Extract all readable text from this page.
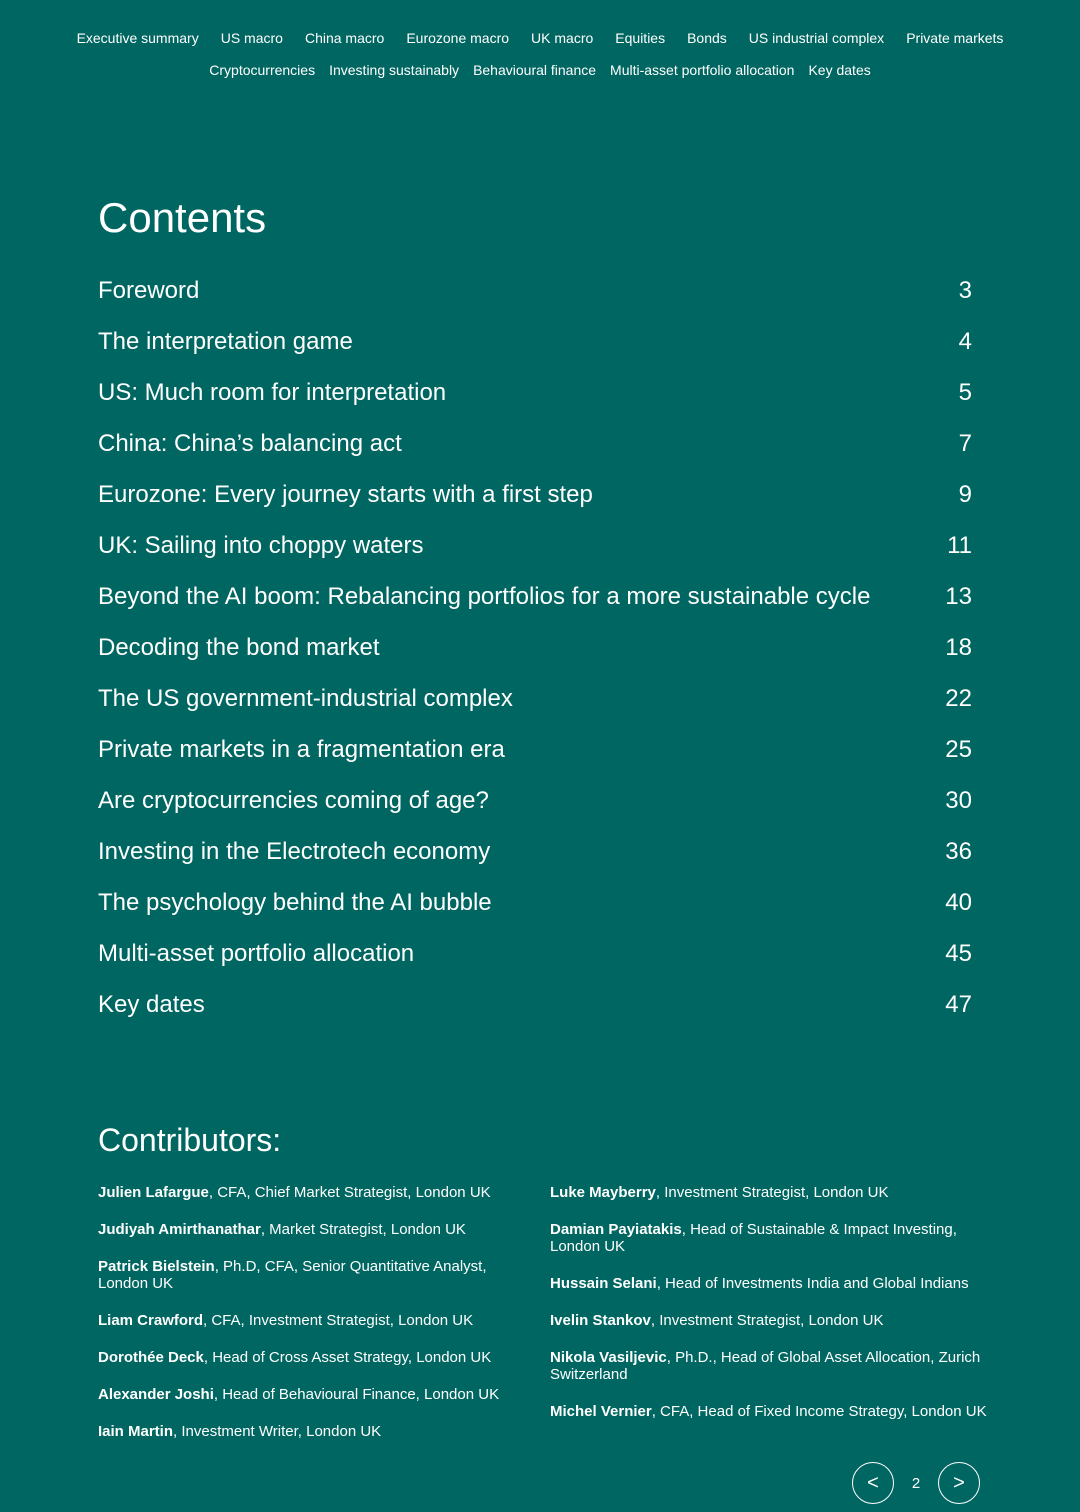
Executive summary US macro China macro Eurozone macro UK macro Equities Bonds US industrial complex Private markets
Cryptocurrencies Investing sustainably Behavioural finance Multi-asset portfolio allocation Key dates
Contents
Foreword	3
The interpretation game	4
US: Much room for interpretation	5
China: China’s balancing act	7
Eurozone: Every journey starts with a first step	9
UK: Sailing into choppy waters	11
Beyond the AI boom: Rebalancing portfolios for a more sustainable cycle	13
Decoding the bond market	18
The US government-industrial complex	22
Private markets in a fragmentation era	25
Are cryptocurrencies coming of age?	30
Investing in the Electrotech economy	36
The psychology behind the AI bubble	40
Multi-asset portfolio allocation	45
Key dates	47
Contributors:
Julien Lafargue, CFA, Chief Market Strategist, London UK
Judiyah Amirthanathar, Market Strategist, London UK
Patrick Bielstein, Ph.D, CFA, Senior Quantitative Analyst, London UK
Liam Crawford, CFA, Investment Strategist, London UK
Dorothée Deck, Head of Cross Asset Strategy, London UK
Alexander Joshi, Head of Behavioural Finance, London UK
Iain Martin, Investment Writer, London UK
Luke Mayberry, Investment Strategist, London UK
Damian Payiatakis, Head of Sustainable & Impact Investing, London UK
Hussain Selani, Head of Investments India and Global Indians
Ivelin Stankov, Investment Strategist, London UK
Nikola Vasiljevic, Ph.D., Head of Global Asset Allocation, Zurich Switzerland
Michel Vernier, CFA, Head of Fixed Income Strategy, London UK
<	2	>
